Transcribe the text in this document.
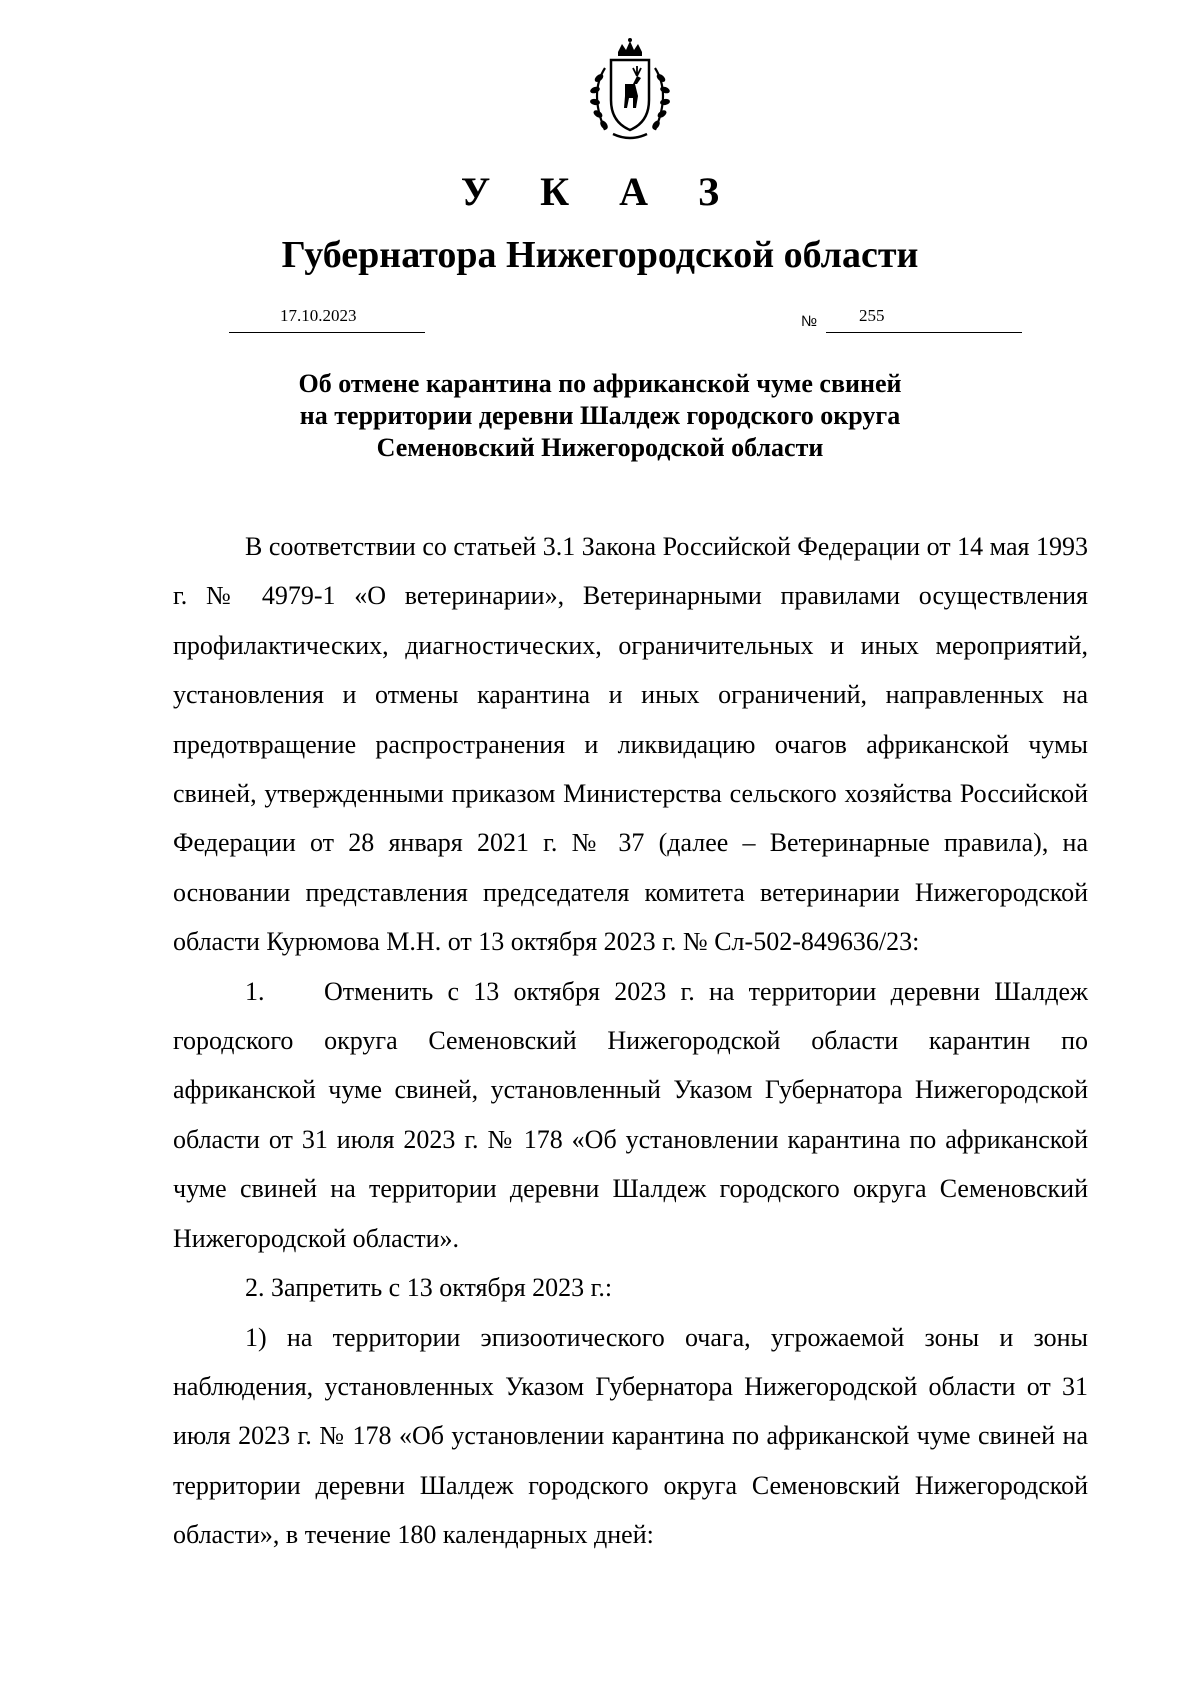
У К А З
Губернатора Нижегородской области
17.10.2023	№ 255
Об отмене карантина по африканской чуме свиней
на территории деревни Шалдеж городского округа
Семеновский Нижегородской области

В соответствии со статьей 3.1 Закона Российской Федерации от 14 мая 1993 г. № 4979-1 «О ветеринарии», Ветеринарными правилами осуществления профилактических, диагностических, ограничительных и иных мероприятий, установления и отмены карантина и иных ограничений, направленных на предотвращение распространения и ликвидацию очагов африканской чумы свиней, утвержденными приказом Министерства сельского хозяйства Российской Федерации от 28 января 2021 г. № 37 (далее – Ветеринарные правила), на основании представления председателя комитета ветеринарии Нижегородской области Курюмова М.Н. от 13 октября 2023 г. № Сл-502-849636/23:

1. Отменить с 13 октября 2023 г. на территории деревни Шалдеж городского округа Семеновский Нижегородской области карантин по африканской чуме свиней, установленный Указом Губернатора Нижегородской области от 31 июля 2023 г. № 178 «Об установлении карантина по африканской чуме свиней на территории деревни Шалдеж городского округа Семеновский Нижегородской области».

2. Запретить с 13 октября 2023 г.:

1) на территории эпизоотического очага, угрожаемой зоны и зоны наблюдения, установленных Указом Губернатора Нижегородской области от 31 июля 2023 г. № 178 «Об установлении карантина по африканской чуме свиней на территории деревни Шалдеж городского округа Семеновский Нижегородской области», в течение 180 календарных дней:
